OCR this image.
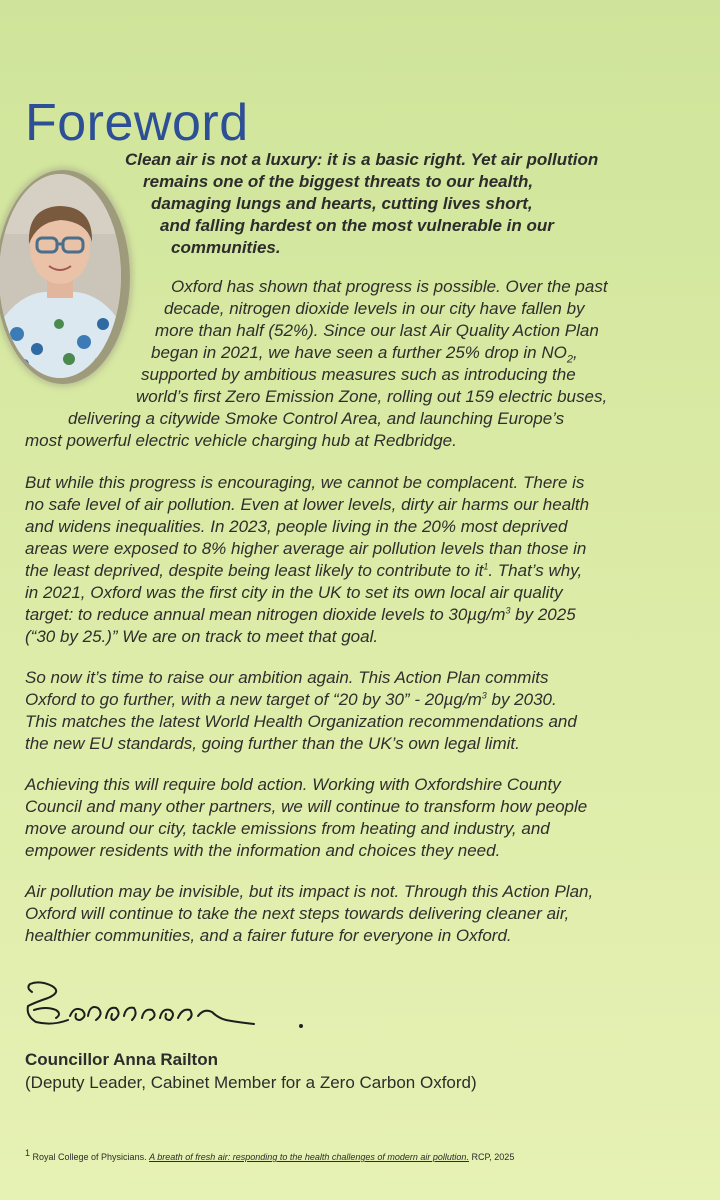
Foreword

Clean air is not a luxury: it is a basic right. Yet air pollution

remains one of the biggest threats to our health,

damaging lungs and hearts, cutting lives short,

and falling hardest on the most vulnerable in our

communities.

Oxford has shown that progress is possible. Over the past

decade, nitrogen dioxide levels in our city have fallen by

more than half (52%). Since our last Air Quality Action Plan

began in 2021, we have seen a further 25% drop in $NO_2$,

supported by ambitious measures such as introducing the

world’s first Zero Emission Zone, rolling out 159 electric buses,

delivering a citywide Smoke Control Area, and launching Europe’s

most powerful electric vehicle charging hub at Redbridge.

But while this progress is encouraging, we cannot be complacent. There is

no safe level of air pollution. Even at lower levels, dirty air harms our health

and widens inequalities. In 2023, people living in the 20% most deprived

areas were exposed to 8% higher average air pollution levels than those in

the least deprived, despite being least likely to contribute to $it^1$. That’s why,

in 2021, Oxford was the first city in the UK to set its own local air quality

target: to reduce annual mean nitrogen dioxide levels to $30\mu g/m^3$ by 2025

(“30 by 25.)” We are on track to meet that goal.

So now it’s time to raise our ambition again. This Action Plan commits

Oxford to go further, with a new target of “20 by 30” - $20\mu g/m^3$ by 2030.

This matches the latest World Health Organization recommendations and

the new EU standards, going further than the UK’s own legal limit.

Achieving this will require bold action. Working with Oxfordshire County

Council and many other partners, we will continue to transform how people

move around our city, tackle emissions from heating and industry, and

empower residents with the information and choices they need.

Air pollution may be invisible, but its impact is not. Through this Action Plan,

Oxford will continue to take the next steps towards delivering cleaner air,

healthier communities, and a fairer future for everyone in Oxford.

Councillor Anna Railton
(Deputy Leader, Cabinet Member for a Zero Carbon Oxford)
$^1$ Royal College of Physicians. A breath of fresh air: responding to the health challenges of modern air pollution. RCP, 2025
